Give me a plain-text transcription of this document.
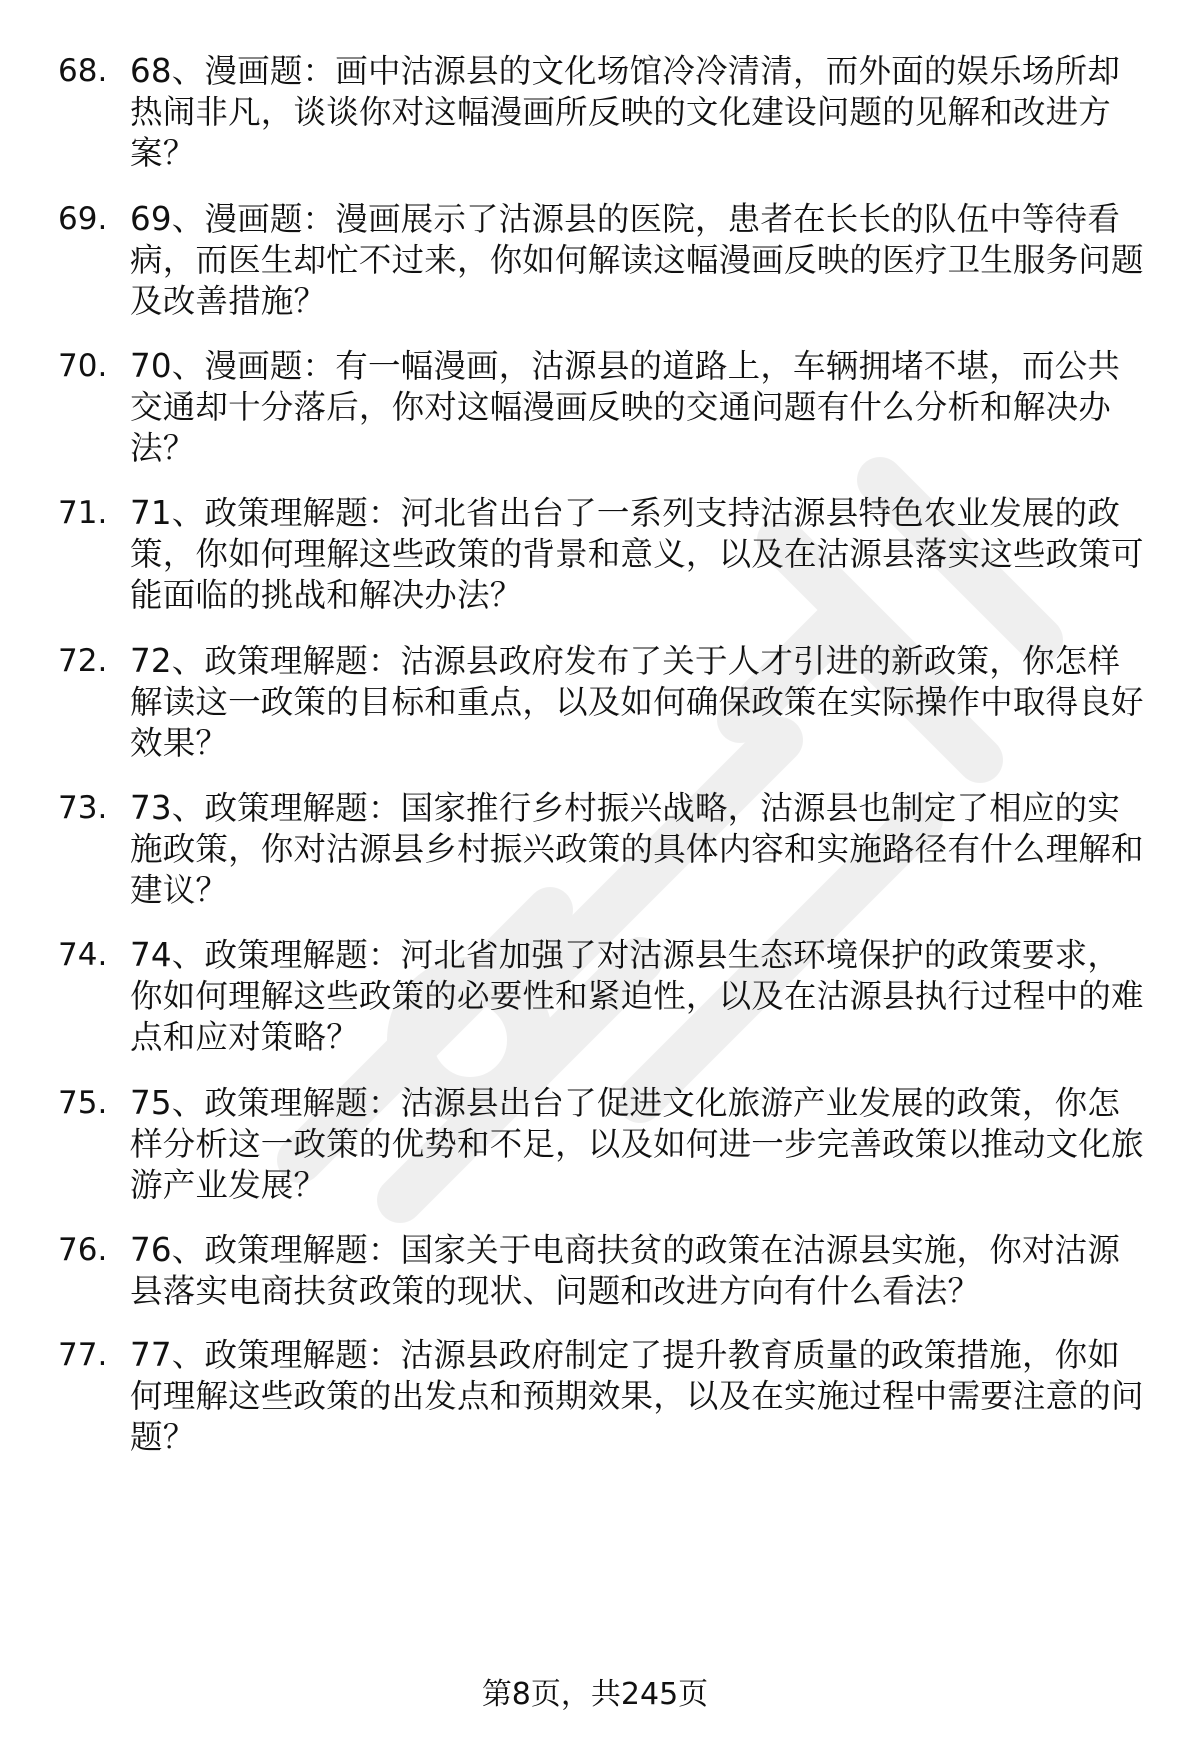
68. 68、漫画题：画中沽源县的文化场馆冷冷清清，而外面的娱乐场所却热闹非凡，谈谈你对这幅漫画所反映的文化建设问题的见解和改进方案？
69. 69、漫画题：漫画展示了沽源县的医院，患者在长长的队伍中等待看病，而医生却忙不过来，你如何解读这幅漫画反映的医疗卫生服务问题及改善措施？
70. 70、漫画题：有一幅漫画，沽源县的道路上，车辆拥堵不堪，而公共交通却十分落后，你对这幅漫画反映的交通问题有什么分析和解决办法？
71. 71、政策理解题：河北省出台了一系列支持沽源县特色农业发展的政策，你如何理解这些政策的背景和意义，以及在沽源县落实这些政策可能面临的挑战和解决办法？
72. 72、政策理解题：沽源县政府发布了关于人才引进的新政策，你怎样解读这一政策的目标和重点，以及如何确保政策在实际操作中取得良好效果？
73. 73、政策理解题：国家推行乡村振兴战略，沽源县也制定了相应的实施政策，你对沽源县乡村振兴政策的具体内容和实施路径有什么理解和建议？
74. 74、政策理解题：河北省加强了对沽源县生态环境保护的政策要求，你如何理解这些政策的必要性和紧迫性，以及在沽源县执行过程中的难点和应对策略？
75. 75、政策理解题：沽源县出台了促进文化旅游产业发展的政策，你怎样分析这一政策的优势和不足，以及如何进一步完善政策以推动文化旅游产业发展？
76. 76、政策理解题：国家关于电商扶贫的政策在沽源县实施，你对沽源县落实电商扶贫政策的现状、问题和改进方向有什么看法？
77. 77、政策理解题：沽源县政府制定了提升教育质量的政策措施，你如何理解这些政策的出发点和预期效果，以及在实施过程中需要注意的问题？
第8页，共245页
